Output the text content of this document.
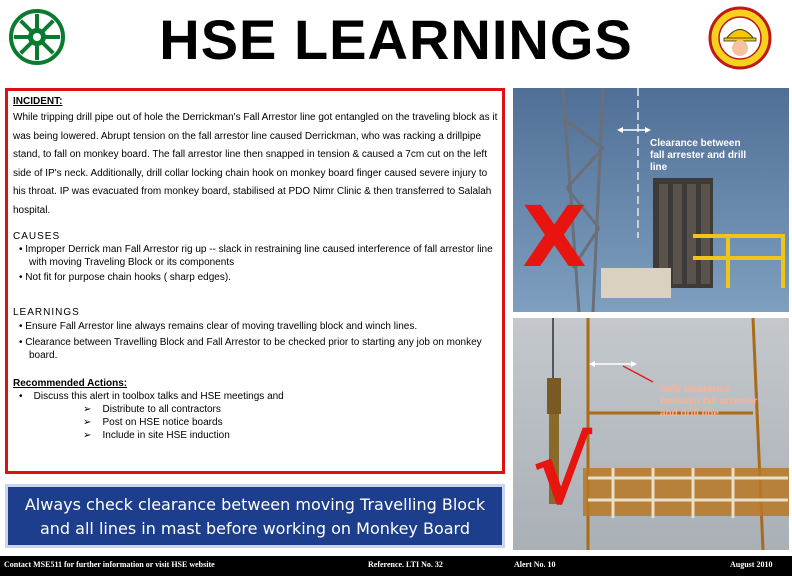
HSE LEARNINGS
INCIDENT:
While tripping drill pipe out of hole the Derrickman's Fall Arrestor line got entangled on the traveling block as it was being lowered. Abrupt tension on the fall arrestor line caused Derrickman, who was racking a drillpipe stand, to fall on monkey board. The fall arrestor line then snapped in tension & caused a 7cm cut on the left side of IP's neck. Additionally, drill collar locking chain hook on monkey board finger caused severe injury to his throat. IP was evacuated from monkey board, stabilised at PDO Nimr Clinic & then transferred to Salalah hospital.
CAUSES
• Improper Derrick man Fall Arrestor rig up -- slack in restraining line caused interference of fall arrestor line with moving Traveling Block or its components
• Not fit for purpose chain hooks ( sharp edges).
LEARNINGS
• Ensure Fall Arrestor line always remains clear of moving travelling block and winch lines.
• Clearance between Travelling Block and Fall Arrestor to be checked prior to starting any job on monkey board.
Recommended Actions:
•    Discuss this alert in toolbox talks and HSE meetings and
➢    Distribute to all contractors
➢    Post on HSE notice boards
➢    Include in site HSE induction
Always check clearance between moving Travelling Block
and all lines in mast before working on Monkey Board
Clearance between
fall arrester and drill
line
X
Safe clearance
between fall arrester
and drill line
√
Contact MSE511 for further information or visit HSE website	Reference. LTI No. 32	Alert No. 10	August 2010
